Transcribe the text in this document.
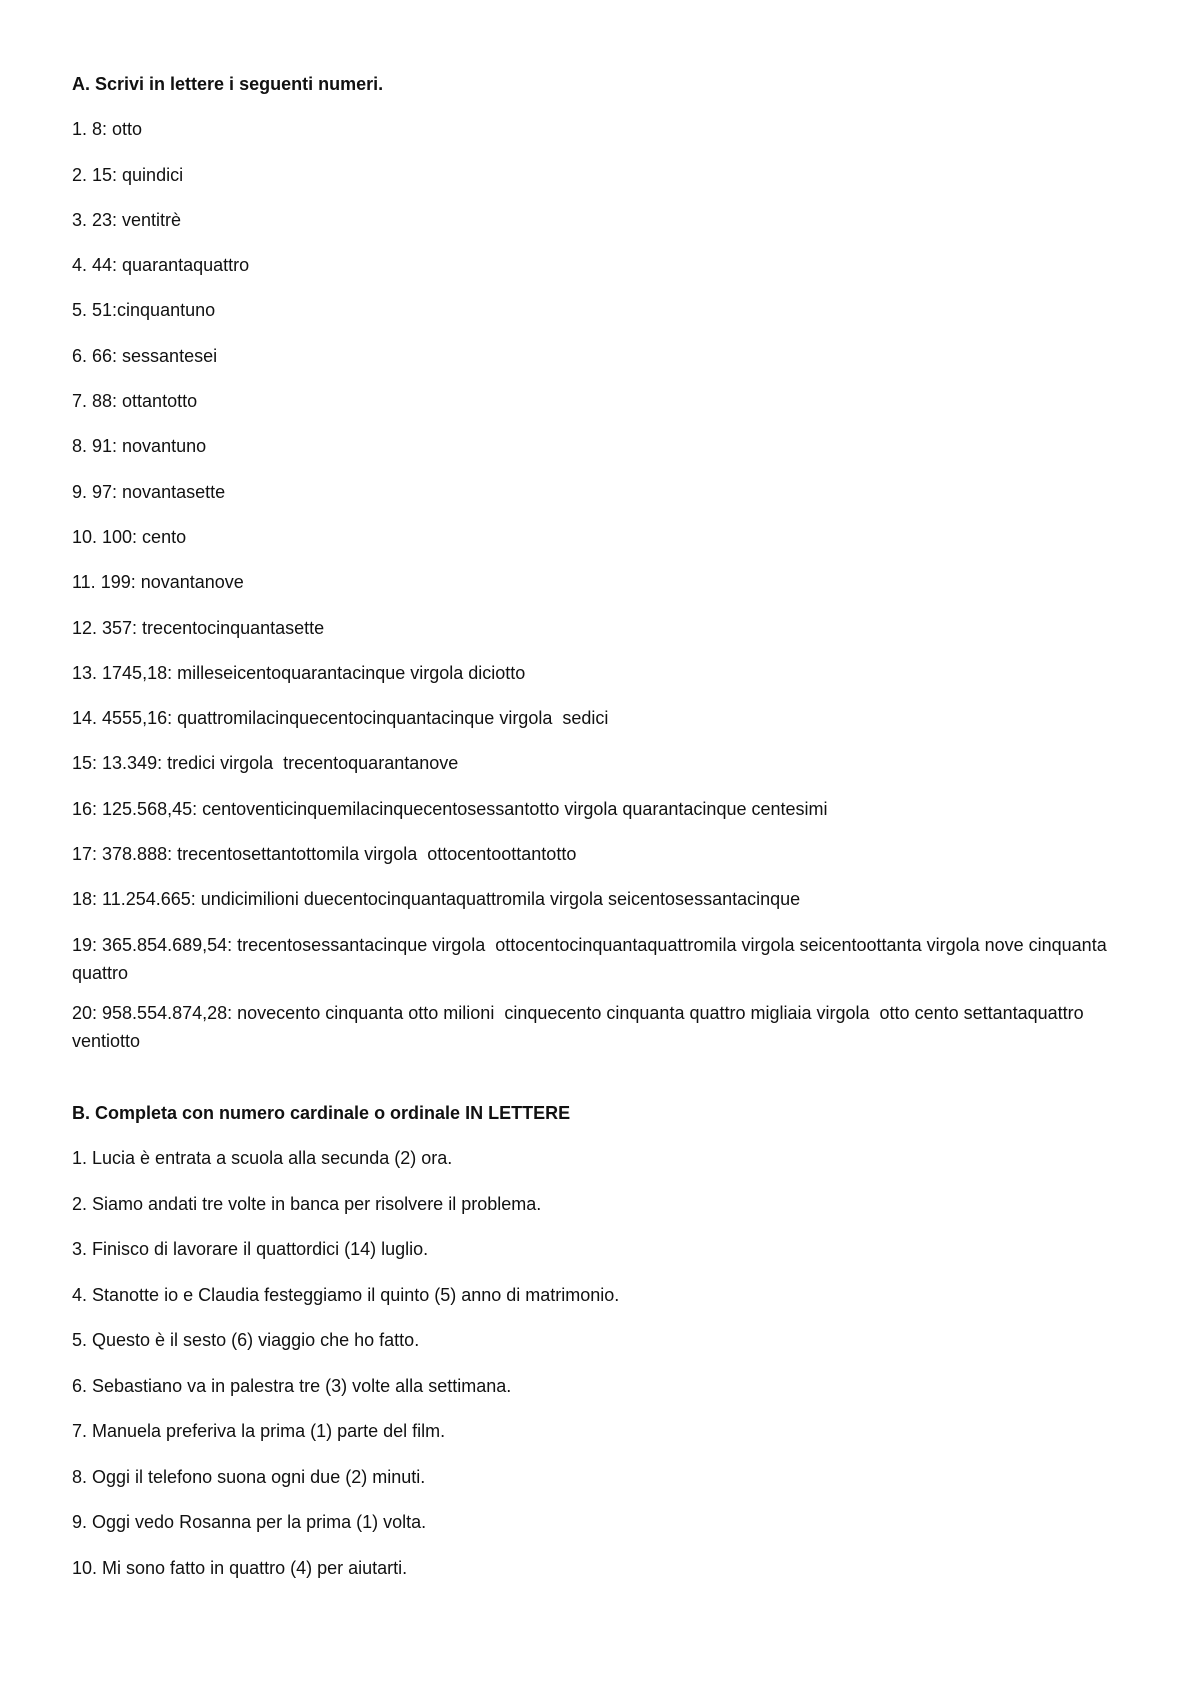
A. Scrivi in lettere i seguenti numeri.

1. 8: otto

2. 15: quindici

3. 23: ventitrè

4. 44: quarantaquattro

5. 51:cinquantuno

6. 66: sessantesei

7. 88: ottantotto

8. 91: novantuno

9. 97: novantasette

10. 100: cento

11. 199: novantanove

12. 357: trecentocinquantasette

13. 1745,18: milleseicentoquarantacinque virgola diciotto

14. 4555,16: quattromilacinquecentocinquantacinque virgola  sedici

15: 13.349: tredici virgola  trecentoquarantanove

16: 125.568,45: centoventicinquemilacinquecentosessantotto virgola quarantacinque centesimi

17: 378.888: trecentosettantottomila virgola  ottocentoottantotto

18: 11.254.665: undicimilioni duecentocinquantaquattromila virgola seicentosessantacinque

19: 365.854.689,54: trecentosessantacinque virgola  ottocentocinquantaquattromila virgola seicentoottanta virgola nove cinquanta quattro

20: 958.554.874,28: novecento cinquanta otto milioni  cinquecento cinquanta quattro migliaia virgola  otto cento settantaquattro ventiotto

B. Completa con numero cardinale o ordinale IN LETTERE

1. Lucia è entrata a scuola alla secunda (2) ora.

2. Siamo andati tre volte in banca per risolvere il problema.

3. Finisco di lavorare il quattordici (14) luglio.

4. Stanotte io e Claudia festeggiamo il quinto (5) anno di matrimonio.

5. Questo è il sesto (6) viaggio che ho fatto.

6. Sebastiano va in palestra tre (3) volte alla settimana.

7. Manuela preferiva la prima (1) parte del film.

8. Oggi il telefono suona ogni due (2) minuti.

9. Oggi vedo Rosanna per la prima (1) volta.

10. Mi sono fatto in quattro (4) per aiutarti.
